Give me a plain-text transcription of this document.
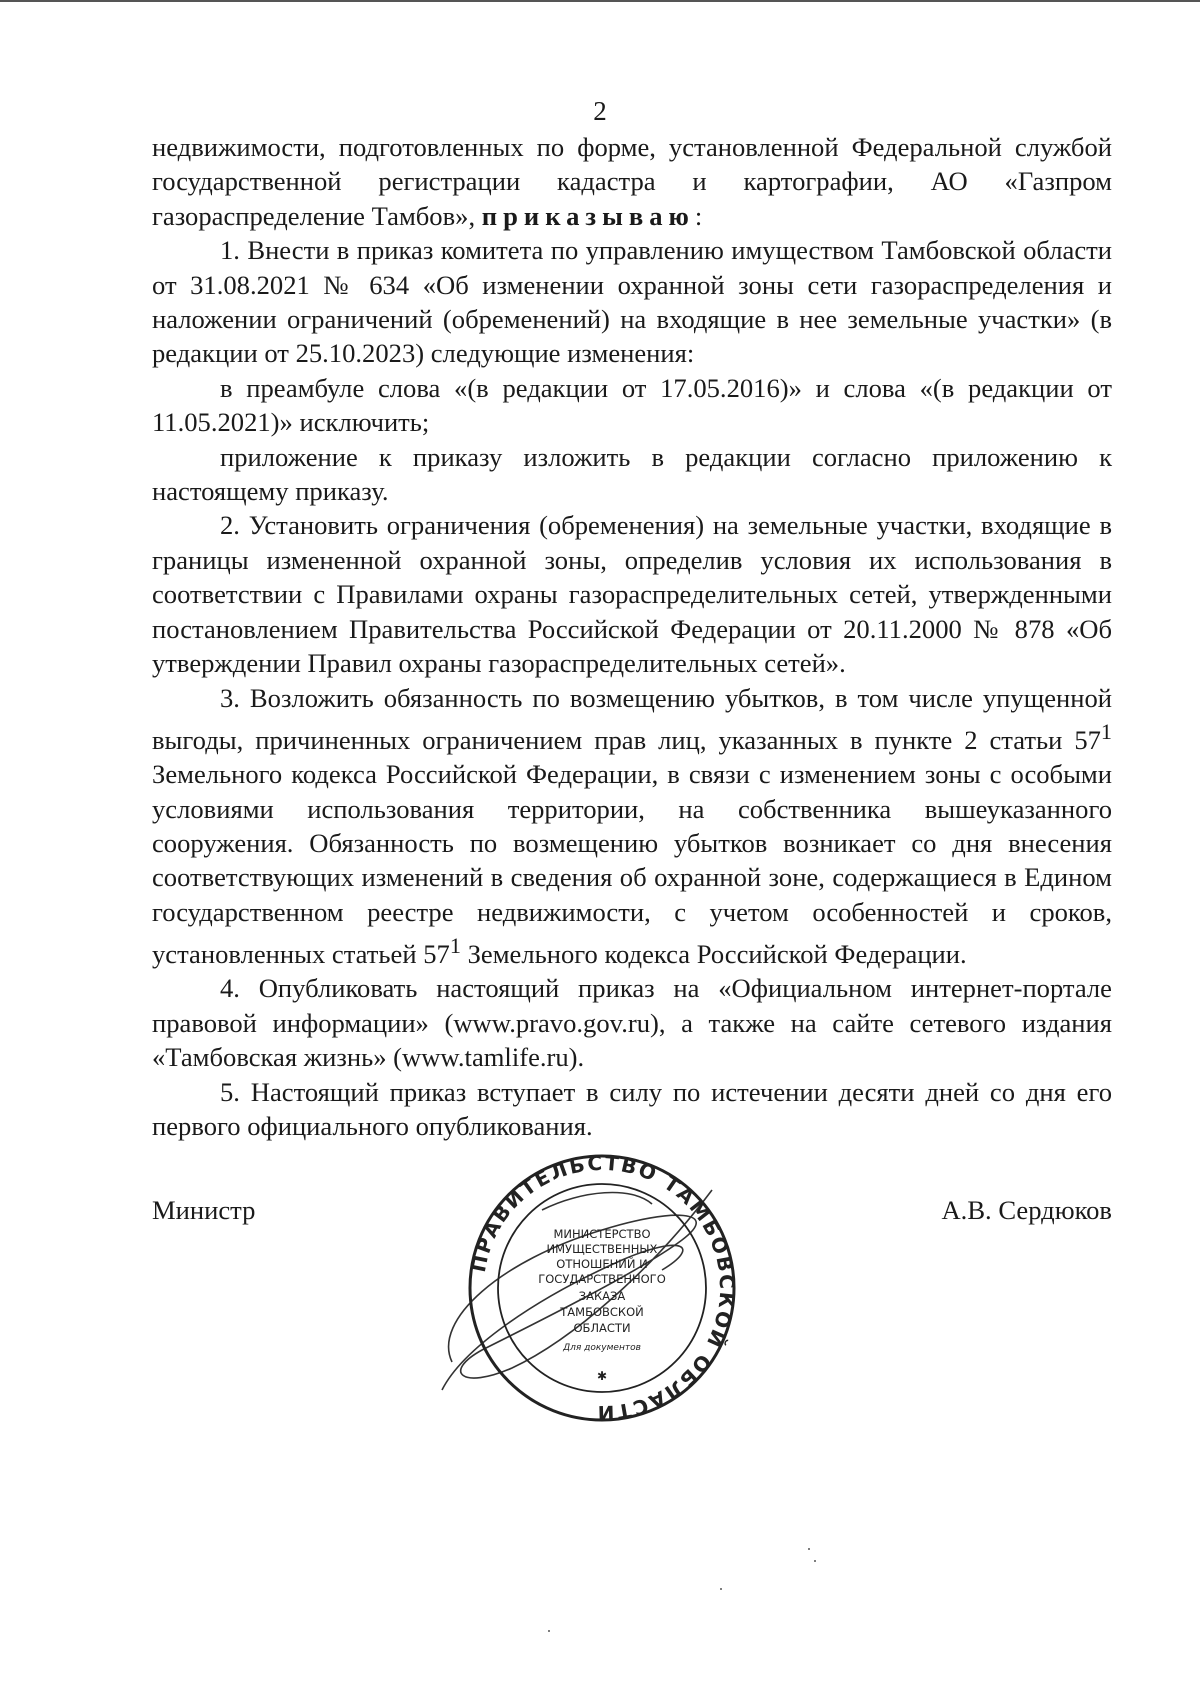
2

недвижимости, подготовленных по форме, установленной Федеральной службой государственной регистрации кадастра и картографии, АО «Газпром газораспределение Тамбов», приказываю:

1. Внести в приказ комитета по управлению имуществом Тамбовской области от 31.08.2021 № 634 «Об изменении охранной зоны сети газораспределения и наложении ограничений (обременений) на входящие в нее земельные участки» (в редакции от 25.10.2023) следующие изменения:

в преамбуле слова «(в редакции от 17.05.2016)» и слова «(в редакции от 11.05.2021)» исключить;

приложение к приказу изложить в редакции согласно приложению к настоящему приказу.

2. Установить ограничения (обременения) на земельные участки, входящие в границы измененной охранной зоны, определив условия их использования в соответствии с Правилами охраны газораспределительных сетей, утвержденными постановлением Правительства Российской Федерации от 20.11.2000 № 878 «Об утверждении Правил охраны газораспределительных сетей».

3. Возложить обязанность по возмещению убытков, в том числе упущенной выгоды, причиненных ограничением прав лиц, указанных в пункте 2 статьи $57^1$ Земельного кодекса Российской Федерации, в связи с изменением зоны с особыми условиями использования территории, на собственника вышеуказанного сооружения. Обязанность по возмещению убытков возникает со дня внесения соответствующих изменений в сведения об охранной зоне, содержащиеся в Едином государственном реестре недвижимости, с учетом особенностей и сроков, установленных статьей $57^1$ Земельного кодекса Российской Федерации.

4. Опубликовать настоящий приказ на «Официальном интернет-портале правовой информации» (www.pravo.gov.ru), а также на сайте сетевого издания «Тамбовская жизнь» (www.tamlife.ru).

5. Настоящий приказ вступает в силу по истечении десяти дней со дня его первого официального опубликования.

Министр	А.В. Сердюков
ПРАВИТЕЛЬСТВО ТАМБОВСКОЙ ОБЛАСТИ
МИНИСТЕРСТВО
ИМУЩЕСТВЕННЫХ
ОТНОШЕНИЙ И
ГОСУДАРСТВЕННОГО
ЗАКАЗА
ТАМБОВСКОЙ
ОБЛАСТИ
Для документов
✱
